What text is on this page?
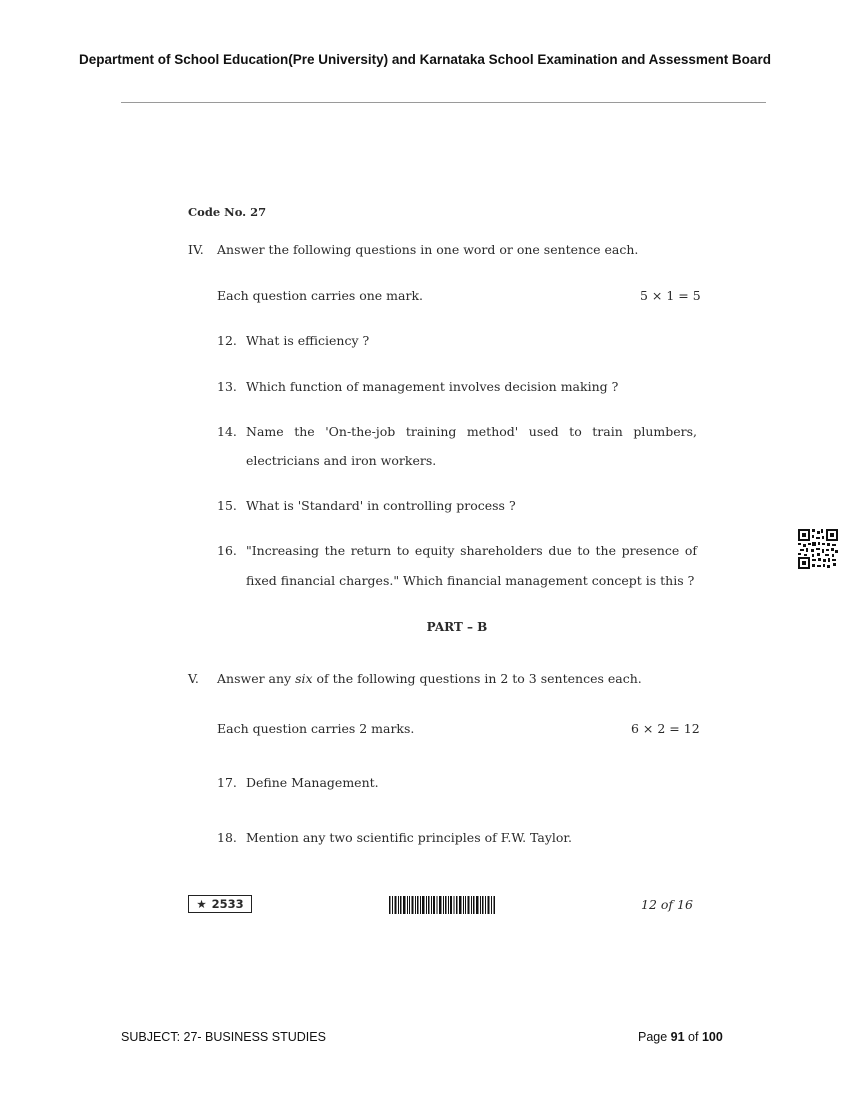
Department of School Education(Pre University) and Karnataka School Examination and Assessment Board
Code No. 27
IV. Answer the following questions in one word or one sentence each.
Each question carries one mark.	5 × 1 = 5
12. What is efficiency ?
13. Which function of management involves decision making ?
14. Name the 'On-the-job training method' used to train plumbers,
electricians and iron workers.
15. What is 'Standard' in controlling process ?
16. "Increasing the return to equity shareholders due to the presence of
fixed financial charges." Which financial management concept is this ?
PART – B
V. Answer any six of the following questions in 2 to 3 sentences each.
Each question carries 2 marks.	6 × 2 = 12
17. Define Management.
18. Mention any two scientific principles of F.W. Taylor.
★ 2533	12 of 16
SUBJECT: 27- BUSINESS STUDIES	Page 91 of 100
